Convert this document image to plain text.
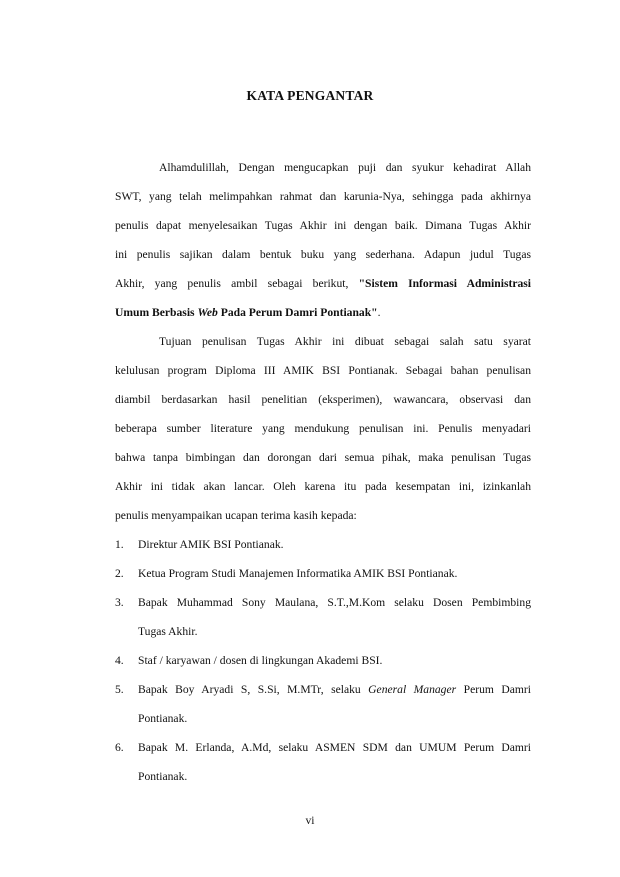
KATA PENGANTAR
Alhamdulillah, Dengan mengucapkan puji dan syukur kehadirat Allah
SWT, yang telah melimpahkan rahmat dan karunia-Nya, sehingga pada akhirnya
penulis dapat menyelesaikan Tugas Akhir ini dengan baik. Dimana Tugas Akhir
ini penulis sajikan dalam bentuk buku yang sederhana. Adapun judul Tugas
Akhir, yang penulis ambil sebagai berikut, "Sistem Informasi Administrasi
Umum Berbasis Web Pada Perum Damri Pontianak".
Tujuan penulisan Tugas Akhir ini dibuat sebagai salah satu syarat
kelulusan program Diploma III AMIK BSI Pontianak. Sebagai bahan penulisan
diambil berdasarkan hasil penelitian (eksperimen), wawancara, observasi dan
beberapa sumber literature yang mendukung penulisan ini. Penulis menyadari
bahwa tanpa bimbingan dan dorongan dari semua pihak, maka penulisan Tugas
Akhir ini tidak akan lancar. Oleh karena itu pada kesempatan ini, izinkanlah
penulis menyampaikan ucapan terima kasih kepada:
1. Direktur AMIK BSI Pontianak.
2. Ketua Program Studi Manajemen Informatika AMIK BSI Pontianak.
3. Bapak Muhammad Sony Maulana, S.T.,M.Kom selaku Dosen Pembimbing
Tugas Akhir.
4. Staf / karyawan / dosen di lingkungan Akademi BSI.
5. Bapak Boy Aryadi S, S.Si, M.MTr, selaku General Manager Perum Damri
Pontianak.
6. Bapak M. Erlanda, A.Md, selaku ASMEN SDM dan UMUM Perum Damri
Pontianak.
vi
